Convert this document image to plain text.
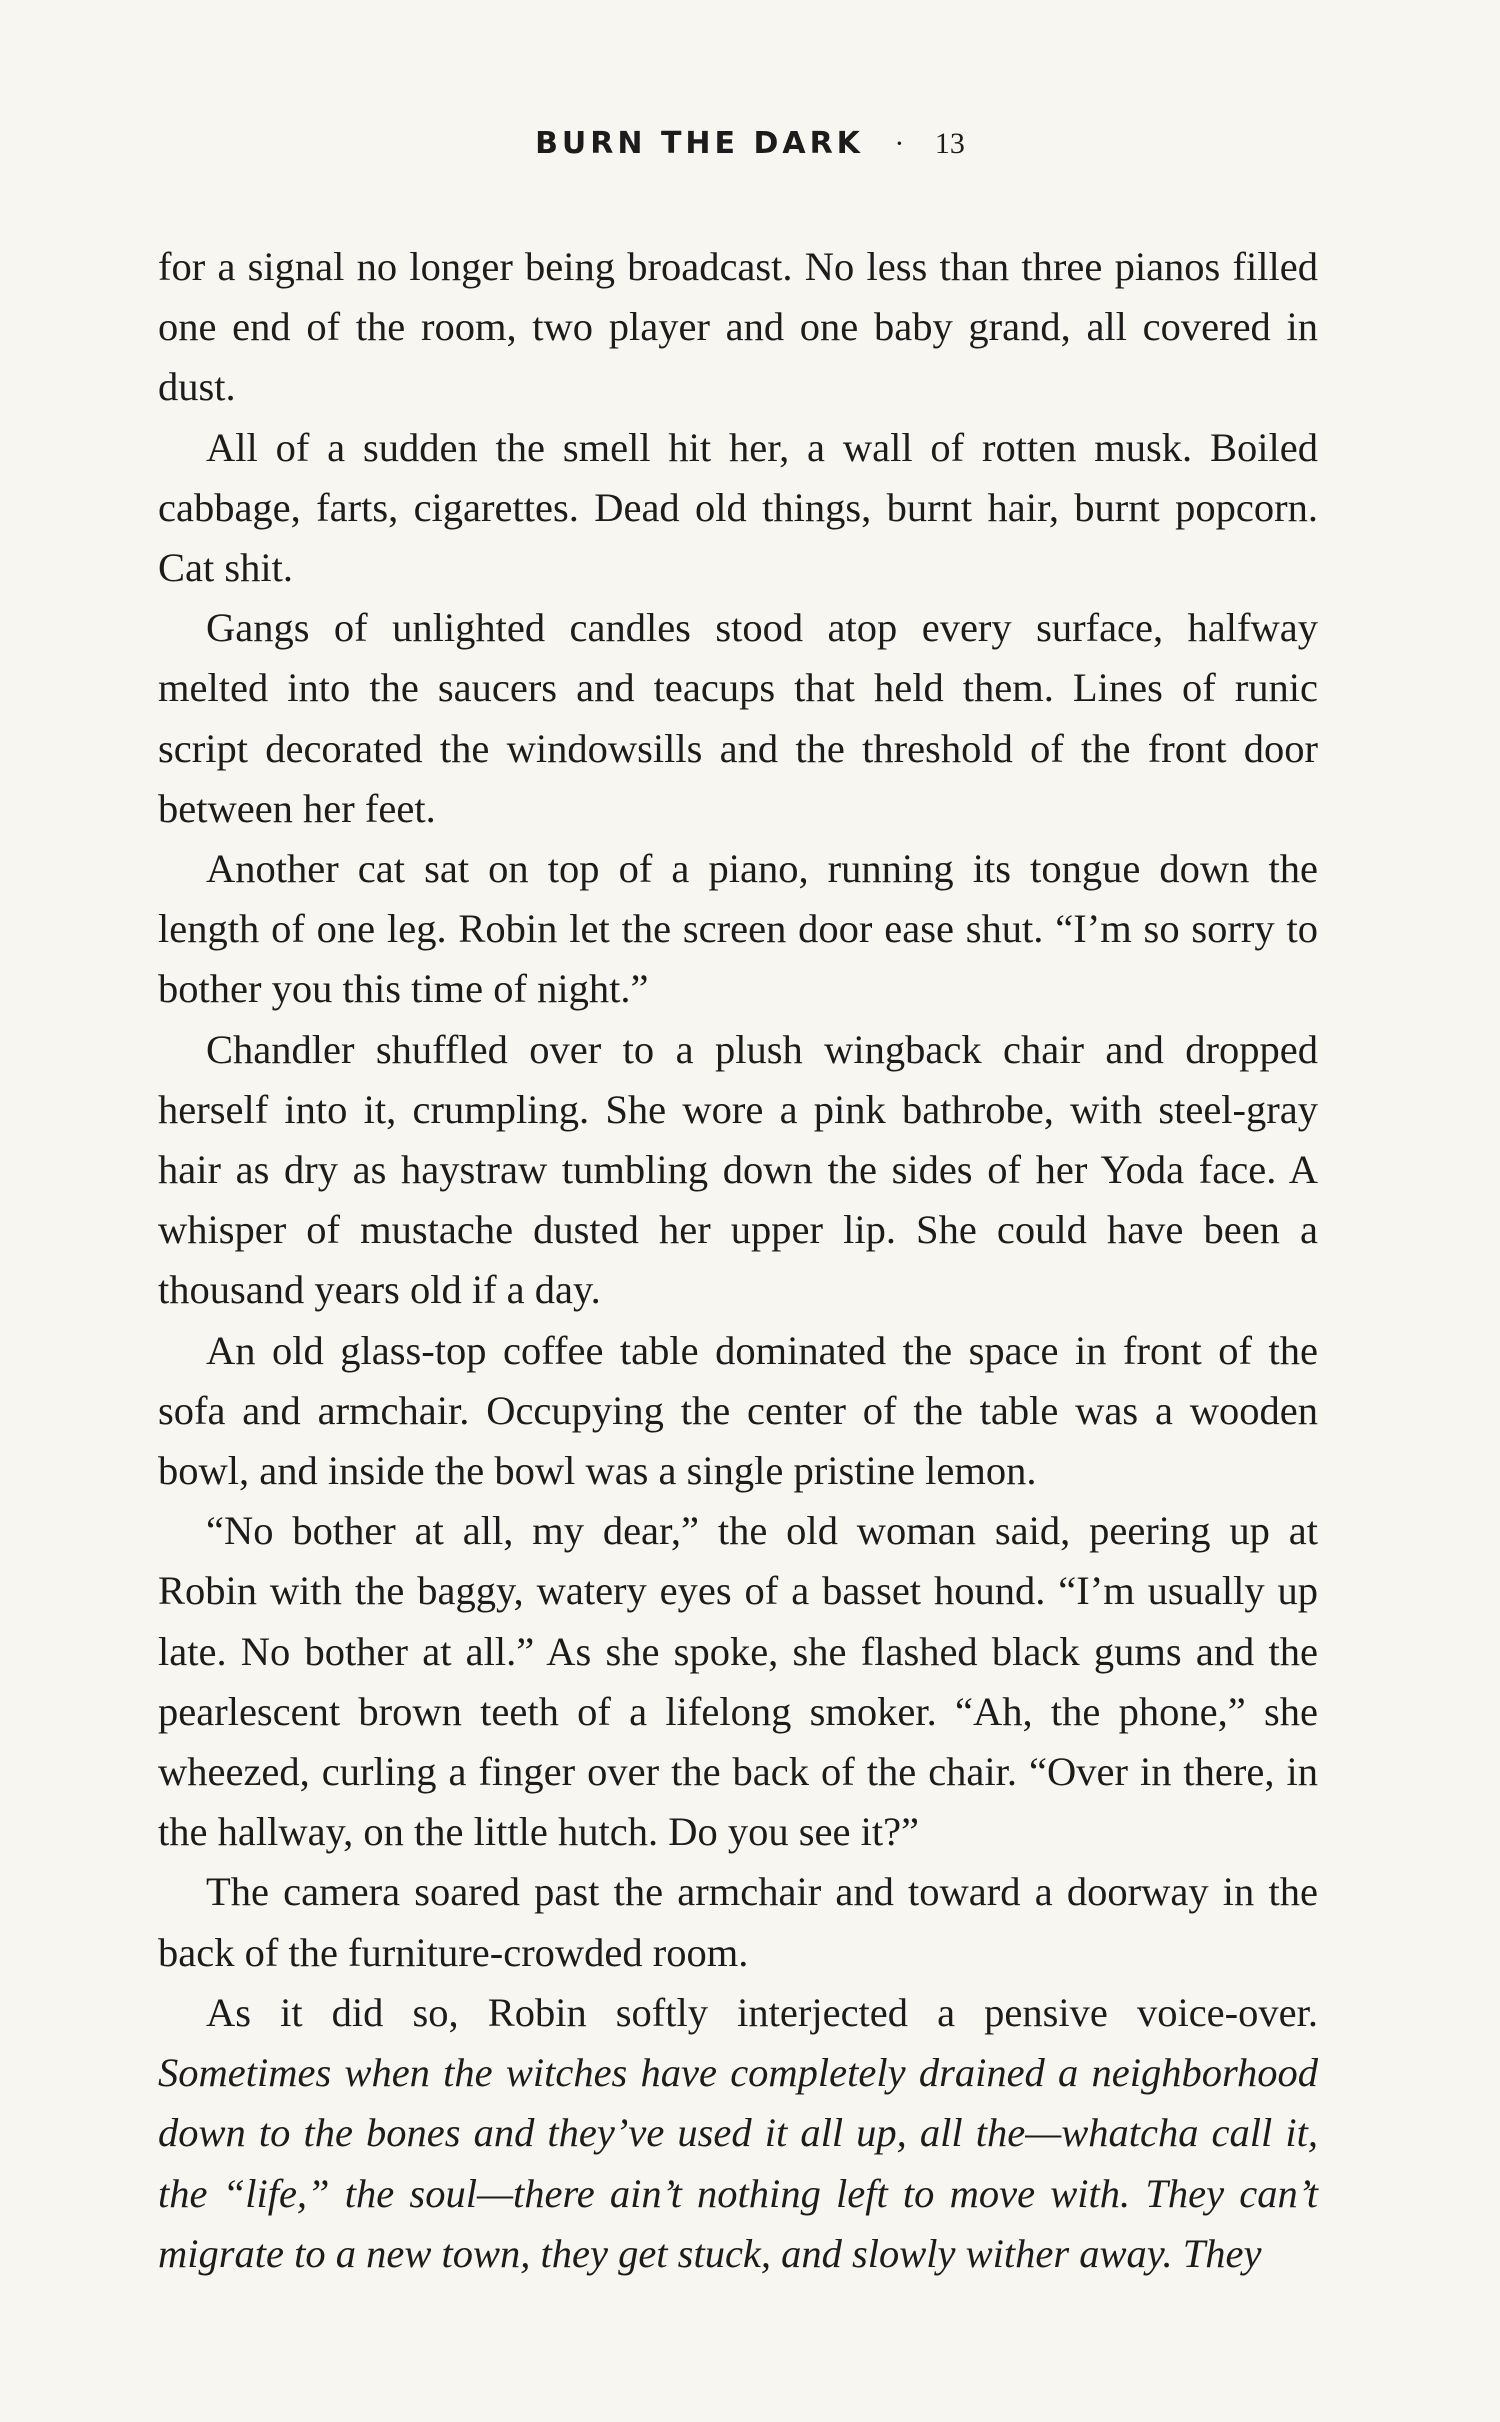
BURN THE DARK · 13

for a signal no longer being broadcast. No less than three pianos filled one end of the room, two player and one baby grand, all covered in dust.

All of a sudden the smell hit her, a wall of rotten musk. Boiled cabbage, farts, cigarettes. Dead old things, burnt hair, burnt popcorn. Cat shit.

Gangs of unlighted candles stood atop every surface, halfway melted into the saucers and teacups that held them. Lines of runic script decorated the windowsills and the threshold of the front door between her feet.

Another cat sat on top of a piano, running its tongue down the length of one leg. Robin let the screen door ease shut. “I’m so sorry to bother you this time of night.”

Chandler shuffled over to a plush wingback chair and dropped herself into it, crumpling. She wore a pink bathrobe, with steel-gray hair as dry as haystraw tumbling down the sides of her Yoda face. A whisper of mustache dusted her upper lip. She could have been a thousand years old if a day.

An old glass-top coffee table dominated the space in front of the sofa and armchair. Occupying the center of the table was a wooden bowl, and inside the bowl was a single pristine lemon.

“No bother at all, my dear,” the old woman said, peering up at Robin with the baggy, watery eyes of a basset hound. “I’m usually up late. No bother at all.” As she spoke, she flashed black gums and the pearlescent brown teeth of a lifelong smoker. “Ah, the phone,” she wheezed, curling a finger over the back of the chair. “Over in there, in the hallway, on the little hutch. Do you see it?”

The camera soared past the armchair and toward a doorway in the back of the furniture-crowded room.

As it did so, Robin softly interjected a pensive voice-over. Sometimes when the witches have completely drained a neighborhood down to the bones and they’ve used it all up, all the—whatcha call it, the “life,” the soul—there ain’t nothing left to move with. They can’t migrate to a new town, they get stuck, and slowly wither away. They
